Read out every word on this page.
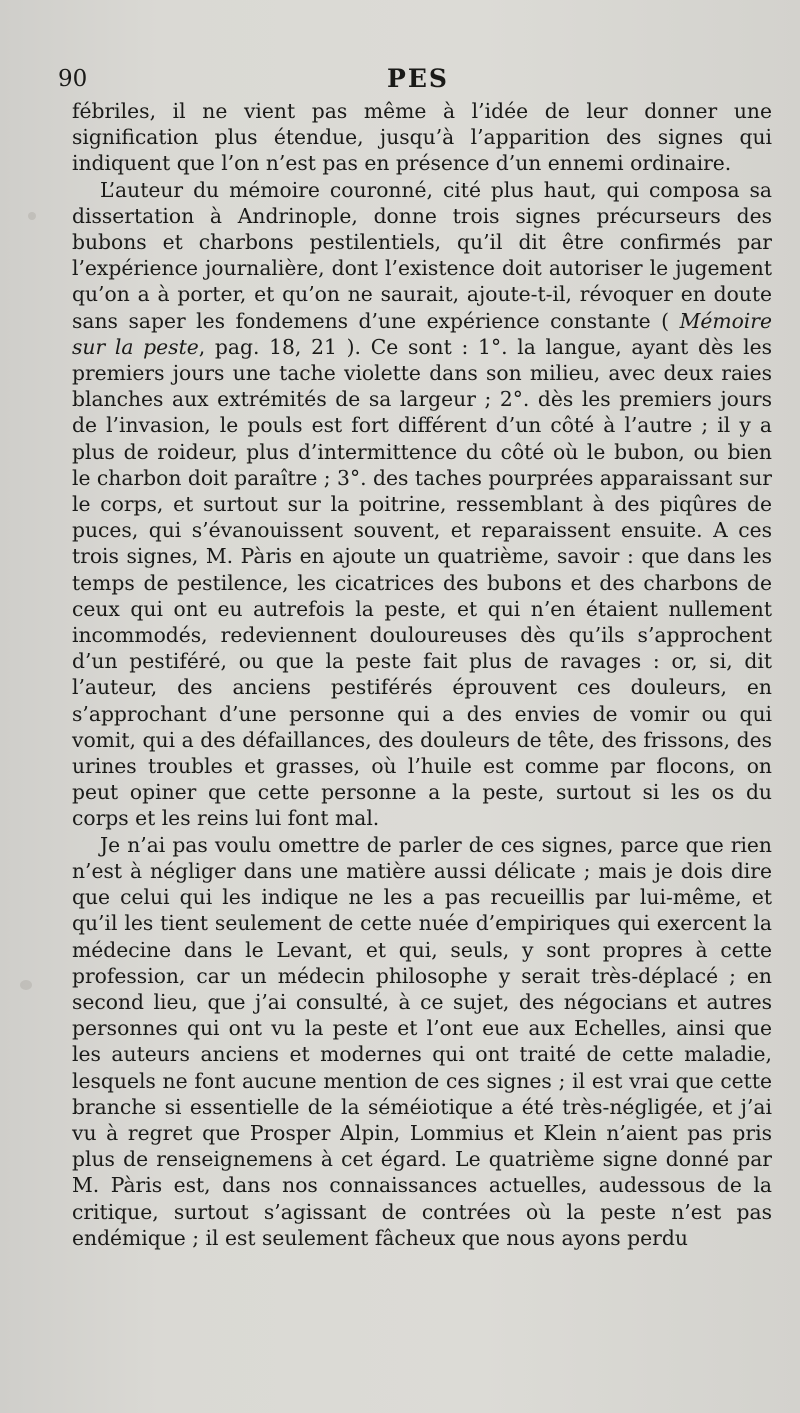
90	PES

fébriles, il ne vient pas même à l’idée de leur donner une signification plus étendue, jusqu’à l’apparition des signes qui indiquent que l’on n’est pas en présence d’un ennemi ordinaire.

L’auteur du mémoire couronné, cité plus haut, qui composa sa dissertation à Andrinople, donne trois signes précurseurs des bubons et charbons pestilentiels, qu’il dit être confirmés par l’expérience journalière, dont l’existence doit autoriser le jugement qu’on a à porter, et qu’on ne saurait, ajoute-t-il, révoquer en doute sans saper les fondemens d’une expérience constante ( Mémoire sur la peste, pag. 18, 21 ). Ce sont : 1°. la langue, ayant dès les premiers jours une tache violette dans son milieu, avec deux raies blanches aux extrémités de sa largeur ; 2°. dès les premiers jours de l’invasion, le pouls est fort différent d’un côté à l’autre ; il y a plus de roideur, plus d’intermittence du côté où le bubon, ou bien le charbon doit paraître ; 3°. des taches pourprées apparaissant sur le corps, et surtout sur la poitrine, ressemblant à des piqûres de puces, qui s’évanouissent souvent, et reparaissent ensuite. A ces trois signes, M. Pàris en ajoute un quatrième, savoir : que dans les temps de pestilence, les cicatrices des bubons et des charbons de ceux qui ont eu autrefois la peste, et qui n’en étaient nullement incommodés, redeviennent douloureuses dès qu’ils s’approchent d’un pestiféré, ou que la peste fait plus de ravages : or, si, dit l’auteur, des anciens pestiférés éprouvent ces douleurs, en s’approchant d’une personne qui a des envies de vomir ou qui vomit, qui a des défaillances, des douleurs de tête, des frissons, des urines troubles et grasses, où l’huile est comme par flocons, on peut opiner que cette personne a la peste, surtout si les os du corps et les reins lui font mal.

Je n’ai pas voulu omettre de parler de ces signes, parce que rien n’est à négliger dans une matière aussi délicate ; mais je dois dire que celui qui les indique ne les a pas recueillis par lui-même, et qu’il les tient seulement de cette nuée d’empiriques qui exercent la médecine dans le Levant, et qui, seuls, y sont propres à cette profession, car un médecin philosophe y serait très-déplacé ; en second lieu, que j’ai consulté, à ce sujet, des négocians et autres personnes qui ont vu la peste et l’ont eue aux Echelles, ainsi que les auteurs anciens et modernes qui ont traité de cette maladie, lesquels ne font aucune mention de ces signes ; il est vrai que cette branche si essentielle de la séméiotique a été très-négligée, et j’ai vu à regret que Prosper Alpin, Lommius et Klein n’aient pas pris plus de renseignemens à cet égard. Le quatrième signe donné par M. Pàris est, dans nos connaissances actuelles, audessous de la critique, surtout s’agissant de contrées où la peste n’est pas endémique ; il est seulement fâcheux que nous ayons perdu
